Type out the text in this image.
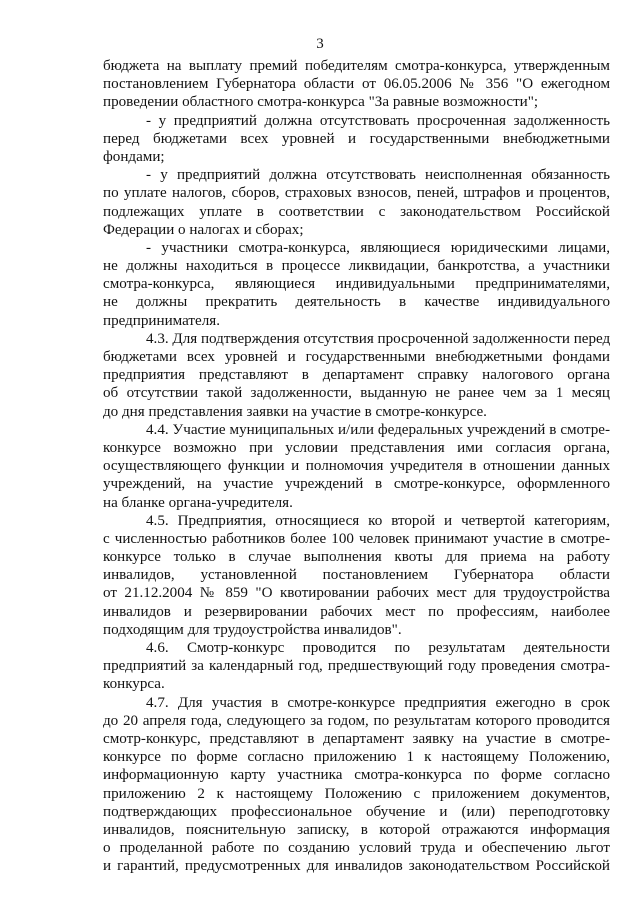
3
бюджета на выплату премий победителям смотра-конкурса, утвержденным
постановлением Губернатора области от 06.05.2006 № 356 "О ежегодном
проведении областного смотра-конкурса "За равные возможности";
- у предприятий должна отсутствовать просроченная задолженность
перед бюджетами всех уровней и государственными внебюджетными
фондами;
- у предприятий должна отсутствовать неисполненная обязанность
по уплате налогов, сборов, страховых взносов, пеней, штрафов и процентов,
подлежащих уплате в соответствии с законодательством Российской
Федерации о налогах и сборах;
- участники смотра-конкурса, являющиеся юридическими лицами,
не должны находиться в процессе ликвидации, банкротства, а участники
смотра-конкурса, являющиеся индивидуальными предпринимателями,
не должны прекратить деятельность в качестве индивидуального
предпринимателя.
4.3. Для подтверждения отсутствия просроченной задолженности перед
бюджетами всех уровней и государственными внебюджетными фондами
предприятия представляют в департамент справку налогового органа
об отсутствии такой задолженности, выданную не ранее чем за 1 месяц
до дня представления заявки на участие в смотре-конкурсе.
4.4. Участие муниципальных и/или федеральных учреждений в смотре-
конкурсе возможно при условии представления ими согласия органа,
осуществляющего функции и полномочия учредителя в отношении данных
учреждений, на участие учреждений в смотре-конкурсе, оформленного
на бланке органа-учредителя.
4.5. Предприятия, относящиеся ко второй и четвертой категориям,
с численностью работников более 100 человек принимают участие в смотре-
конкурсе только в случае выполнения квоты для приема на работу
инвалидов, установленной постановлением Губернатора области
от 21.12.2004 № 859 "О квотировании рабочих мест для трудоустройства
инвалидов и резервировании рабочих мест по профессиям, наиболее
подходящим для трудоустройства инвалидов".
4.6. Смотр-конкурс проводится по результатам деятельности
предприятий за календарный год, предшествующий году проведения смотра-
конкурса.
4.7. Для участия в смотре-конкурсе предприятия ежегодно в срок
до 20 апреля года, следующего за годом, по результатам которого проводится
смотр-конкурс, представляют в департамент заявку на участие в смотре-
конкурсе по форме согласно приложению 1 к настоящему Положению,
информационную карту участника смотра-конкурса по форме согласно
приложению 2 к настоящему Положению с приложением документов,
подтверждающих профессиональное обучение и (или) переподготовку
инвалидов, пояснительную записку, в которой отражаются информация
о проделанной работе по созданию условий труда и обеспечению льгот
и гарантий, предусмотренных для инвалидов законодательством Российской
